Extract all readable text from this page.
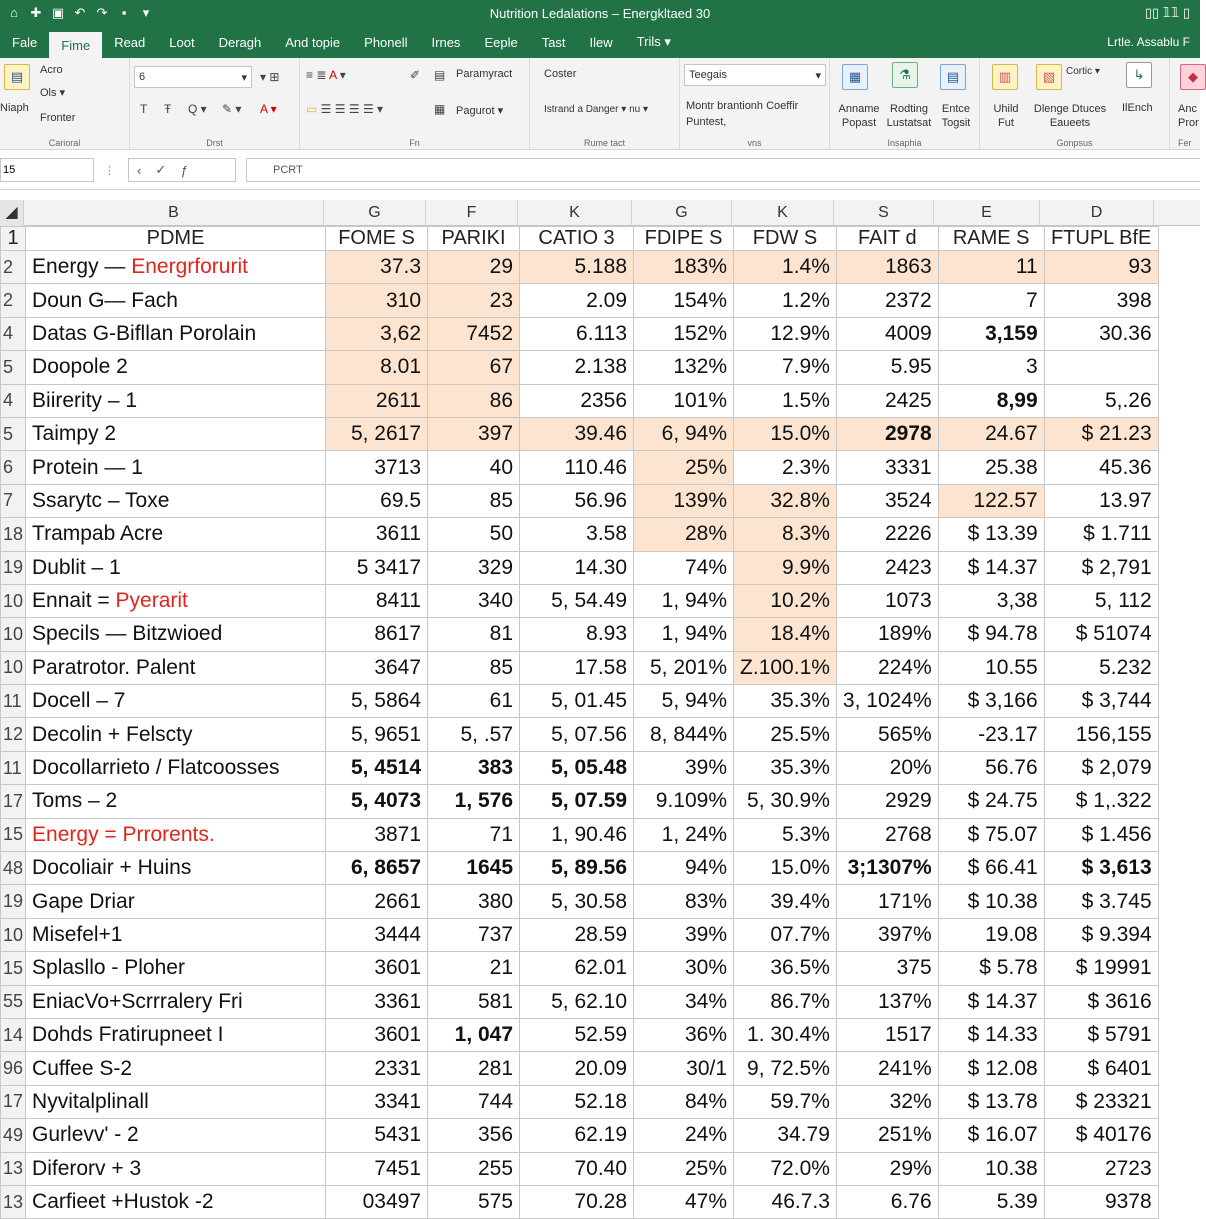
⌂ ✚ ▣ ↶ ↷	▪	▾	Nutrition Ledalations – Energkltaed 30	▯▯ 𝟙𝟙 ▯
Fale	Fime	Read	Loot	Deragh	And topie	Phonell	Irnes	Eeple	Tast	Ilew	Trils ▾	Lrtle. Assablu F
▤	Acro
Ols ▾
Niaph
Fronter
Carioral
6	▾ ▾ ⊞
T Ŧ Q ▾ ✎ ▾ A ▾
Drst
≡ ≣ A ▾	✐ ▤ Paramyract
▭ ☰ ☰ ☰ ☰ ▾	▦ Pagurot ▾
Fn
Coster
Istrand a Danger ▾ nu ▾
Rume tact
Teegais	▾
Montr brantionh Coeffir
Puntest,
vns
▦	⚗	▤
Anname Popast
Rodting Lustatsat
Entce Togsit
Insaphia
▥	▧	Cortic ▾	↳
Uhild Fut
Dlenge Dtuces Eaueets
IlEnch
Gonpsus
◆
Anc Pror
Fer
15	⋮ ‹ ✓ ƒ	PCRT
◢	B	G	F	K	G	K	S	E	D
1	PDME	FOME S	PARIKI	CATIO 3	FDIPE S	FDW S	FAIT d	RAME S	FTUPL BfE
2	Energy — Energrforurit	37.3	29	5.188	183%	1.4%	1863	11	93
2	Doun G— Fach	310	23	2.09	154%	1.2%	2372	7	398
4	Datas G-Bifllan Porolain	3,62	7452	6.113	152%	12.9%	4009	3,159	30.36
5	Doopole 2	8.01	67	2.138	132%	7.9%	5.95	3	
4	Biirerity – 1	2611	86	2356	101%	1.5%	2425	8,99	5,.26
5	Taimpy 2	5, 2617	397	39.46	6, 94%	15.0%	2978	24.67	$ 21.23
6	Protein — 1	3713	40	110.46	25%	2.3%	3331	25.38	45.36
7	Ssarytc – Toxe	69.5	85	56.96	139%	32.8%	3524	122.57	13.97
18	Trampab Acre	3611	50	3.58	28%	8.3%	2226	$ 13.39	$ 1.711
19	Dublit – 1	5 3417	329	14.30	74%	9.9%	2423	$ 14.37	$ 2,791
10	Ennait = Pyerarit	8411	340	5, 54.49	1, 94%	10.2%	1073	3,38	5, 112
10	Specils — Bitzwioed	8617	81	8.93	1, 94%	18.4%	189%	$ 94.78	$ 51074
10	Paratrotor. Palent	3647	85	17.58	5, 201%	Z.100.1%	224%	10.55	5.232
11	Docell – 7	5, 5864	61	5, 01.45	5, 94%	35.3%	3, 1024%	$ 3,166	$ 3,744
12	Decolin + Felscty	5, 9651	5, .57	5, 07.56	8, 844%	25.5%	565%	-23.17	156,155
11	Docollarrieto / Flatcoosses	5, 4514	383	5, 05.48	39%	35.3%	20%	56.76	$ 2,079
17	Toms – 2	5, 4073	1, 576	5, 07.59	9.109%	5, 30.9%	2929	$ 24.75	$ 1,.322
15	Energy = Prrorents.	3871	71	1, 90.46	1, 24%	5.3%	2768	$ 75.07	$ 1.456
48	Docoliair + Huins	6, 8657	1645	5, 89.56	94%	15.0%	3;1307%	$ 66.41	$ 3,613
19	Gape Driar	2661	380	5, 30.58	83%	39.4%	171%	$ 10.38	$ 3.745
10	Misefel+1	3444	737	28.59	39%	07.7%	397%	19.08	$ 9.394
15	Splasllo - Ploher	3601	21	62.01	30%	36.5%	375	$ 5.78	$ 19991
55	EniacVo+Scrrralery Fri	3361	581	5, 62.10	34%	86.7%	137%	$ 14.37	$ 3616
14	Dohds Fratirupneet I	3601	1, 047	52.59	36%	1. 30.4%	1517	$ 14.33	$ 5791
96	Cuffee S-2	2331	281	20.09	30/1	9, 72.5%	241%	$ 12.08	$ 6401
17	Nyvitalplinall	3341	744	52.18	84%	59.7%	32%	$ 13.78	$ 23321
49	Gurlevv' - 2	5431	356	62.19	24%	34.79	251%	$ 16.07	$ 40176
13	Diferorv + 3	7451	255	70.40	25%	72.0%	29%	10.38	2723
13	Carfieet +Hustok -2	03497	575	70.28	47%	46.7.3	6.76	5.39	9378
